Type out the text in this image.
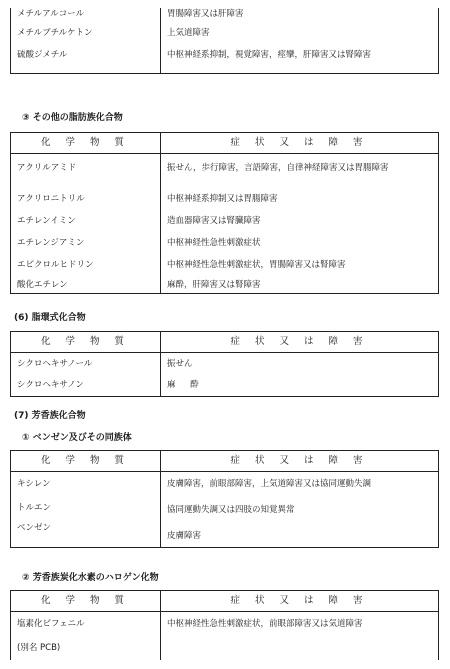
メチルアルコール	胃腸障害又は肝障害
メチルブチルケトン	上気道障害
硫酸ジメチル	中枢神経系抑制，視覚障害，痙攣，肝障害又は腎障害
③ その他の脂肪族化合物
化 学 物 質	症 状 又 は 障 害
アクリルアミド	振せん，歩行障害，言語障害，自律神経障害又は胃腸障害
アクリロニトリル	中枢神経系抑制又は胃腸障害
エチレンイミン	造血器障害又は腎臓障害
エチレンジアミン	中枢神経性急性刺激症状
エピクロルヒドリン	中枢神経性急性刺激症状，胃腸障害又は腎障害
酸化エチレン	麻酔，肝障害又は腎障害
(6) 脂環式化合物
化 学 物 質	症 状 又 は 障 害
シクロヘキサノール	振せん
シクロヘキサノン	麻 酔
(7) 芳香族化合物
① ベンゼン及びその同族体
化 学 物 質	症 状 又 は 障 害
キシレン	皮膚障害，前眼部障害，上気道障害又は協同運動失調
トルエン	協同運動失調又は四肢の知覚異常
ベンゼン	皮膚障害
② 芳香族炭化水素のハロゲン化物
化 学 物 質	症 状 又 は 障 害
塩素化ビフェニル	中枢神経性急性刺激症状，前眼部障害又は気道障害
(別名 PCB)	
